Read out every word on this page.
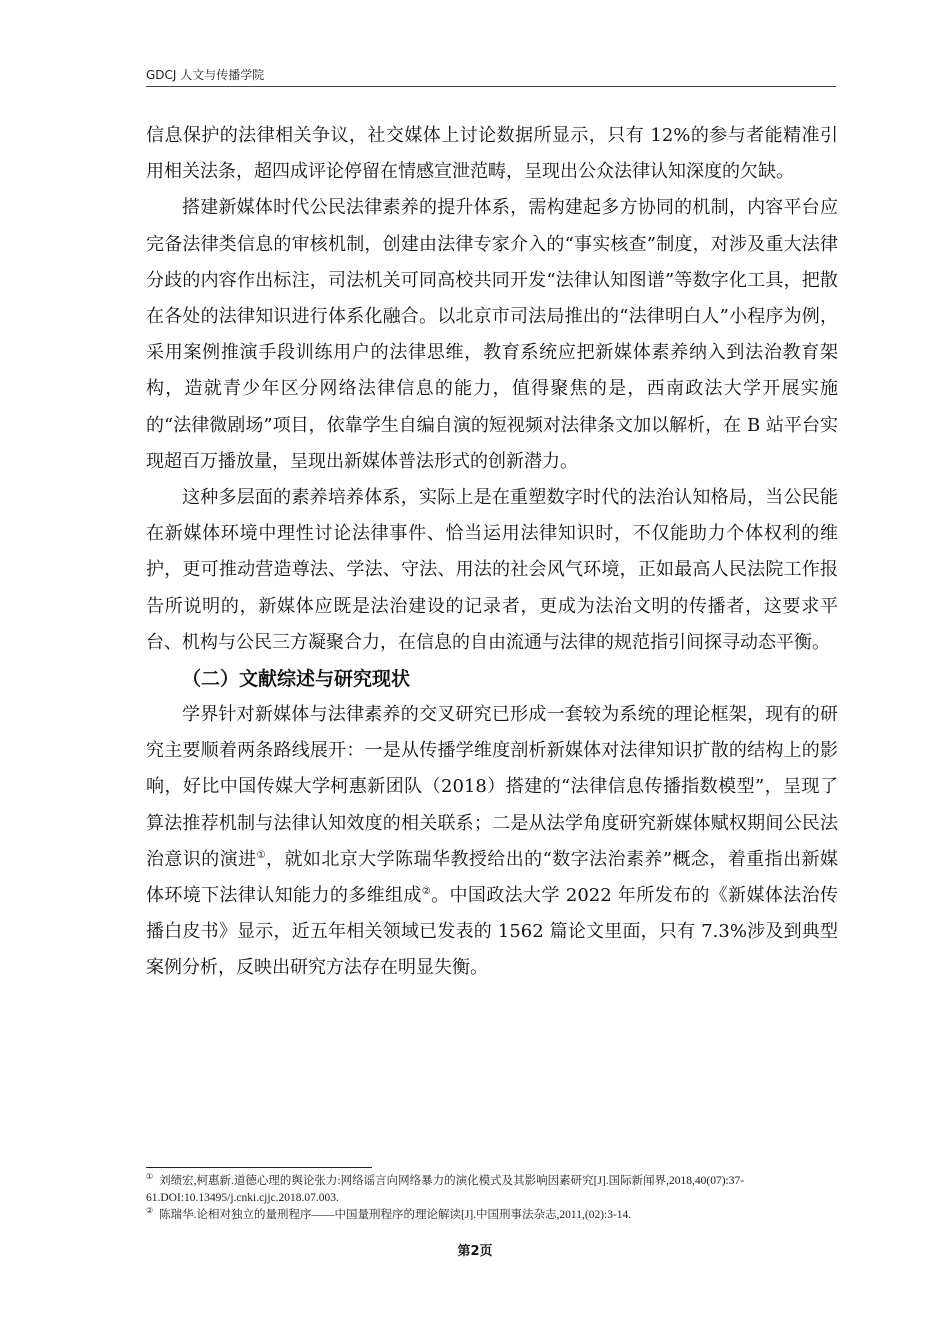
GDCJ 人文与传播学院

信息保护的法律相关争议，社交媒体上讨论数据所显示，只有 12%的参与者能精准引用相关法条，超四成评论停留在情感宣泄范畴，呈现出公众法律认知深度的欠缺。

搭建新媒体时代公民法律素养的提升体系，需构建起多方协同的机制，内容平台应完备法律类信息的审核机制，创建由法律专家介入的“事实核查”制度，对涉及重大法律分歧的内容作出标注，司法机关可同高校共同开发“法律认知图谱”等数字化工具，把散在各处的法律知识进行体系化融合。以北京市司法局推出的“法律明白人”小程序为例，采用案例推演手段训练用户的法律思维，教育系统应把新媒体素养纳入到法治教育架构，造就青少年区分网络法律信息的能力，值得聚焦的是，西南政法大学开展实施的“法律微剧场”项目，依靠学生自编自演的短视频对法律条文加以解析，在 B 站平台实现超百万播放量，呈现出新媒体普法形式的创新潜力。

这种多层面的素养培养体系，实际上是在重塑数字时代的法治认知格局，当公民能在新媒体环境中理性讨论法律事件、恰当运用法律知识时，不仅能助力个体权利的维护，更可推动营造尊法、学法、守法、用法的社会风气环境，正如最高人民法院工作报告所说明的，新媒体应既是法治建设的记录者，更成为法治文明的传播者，这要求平台、机构与公民三方凝聚合力，在信息的自由流通与法律的规范指引间探寻动态平衡。

（二）文献综述与研究现状

学界针对新媒体与法律素养的交叉研究已形成一套较为系统的理论框架，现有的研究主要顺着两条路线展开：一是从传播学维度剖析新媒体对法律知识扩散的结构上的影响，好比中国传媒大学柯惠新团队（2018）搭建的“法律信息传播指数模型”，呈现了算法推荐机制与法律认知效度的相关联系；二是从法学角度研究新媒体赋权期间公民法治意识的演进①，就如北京大学陈瑞华教授给出的“数字法治素养”概念，着重指出新媒体环境下法律认知能力的多维组成②。中国政法大学 2022 年所发布的《新媒体法治传播白皮书》显示，近五年相关领域已发表的 1562 篇论文里面，只有 7.3%涉及到典型案例分析，反映出研究方法存在明显失衡。

① 刘绩宏,柯惠新.道德心理的舆论张力:网络谣言向网络暴力的演化模式及其影响因素研究[J].国际新闻界,2018,40(07):37-61.DOI:10.13495/j.cnki.cjjc.2018.07.003.

② 陈瑞华.论相对独立的量刑程序——中国量刑程序的理论解读[J].中国刑事法杂志,2011,(02):3-14.

第2页
